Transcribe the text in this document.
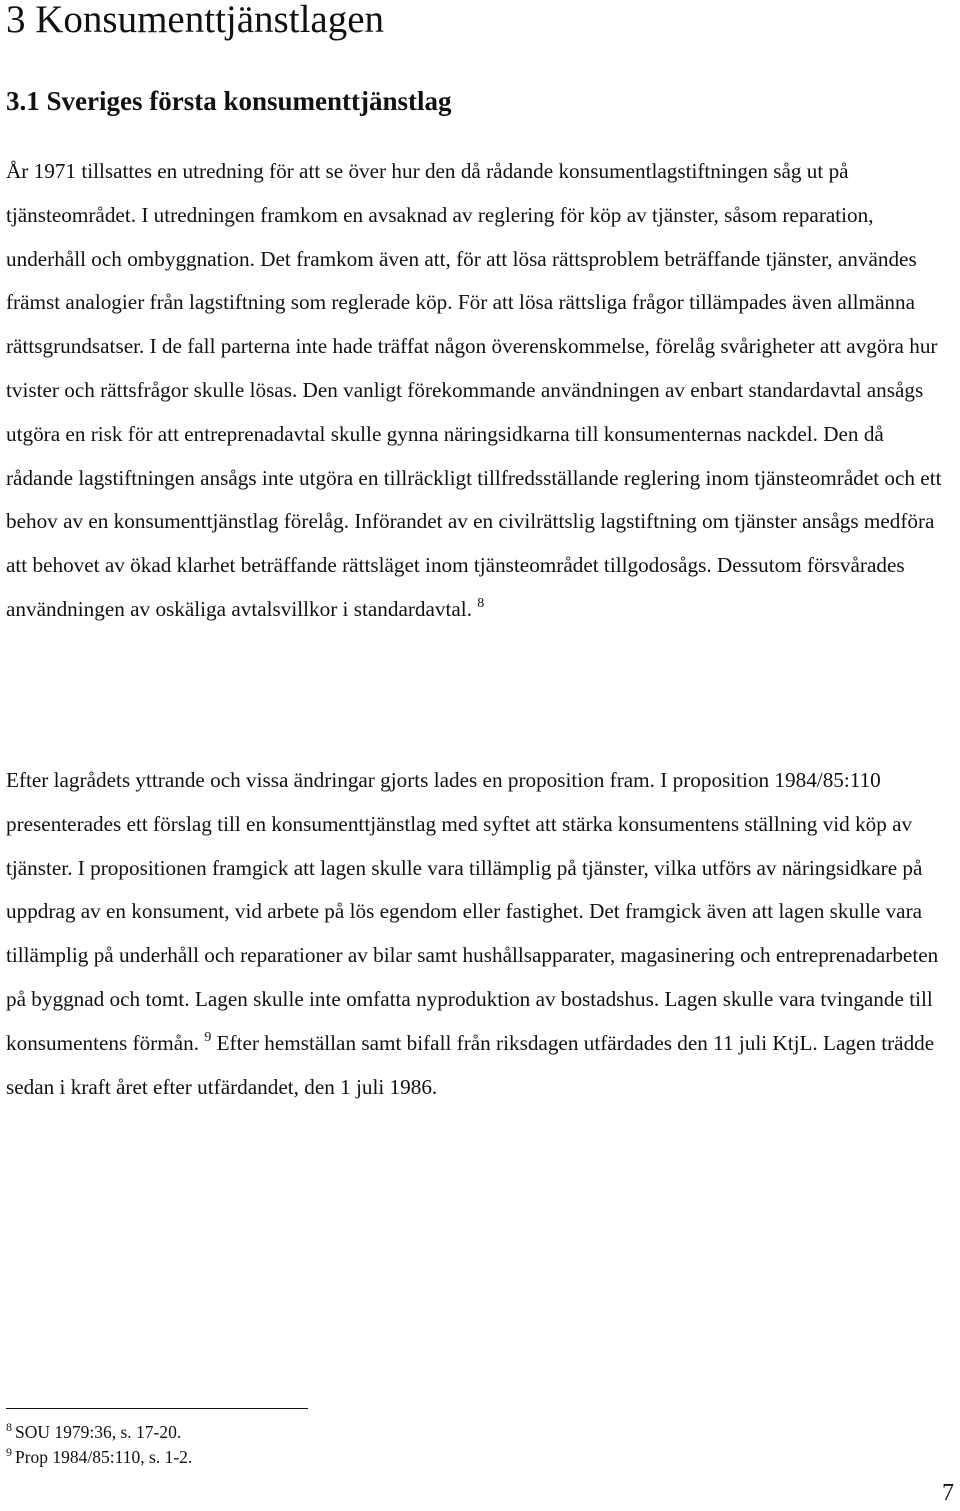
3 Konsumenttjänstlagen
3.1 Sveriges första konsumenttjänstlag

År 1971 tillsattes en utredning för att se över hur den då rådande konsumentlagstiftningen såg ut på tjänsteområdet. I utredningen framkom en avsaknad av reglering för köp av tjänster, såsom reparation, underhåll och ombyggnation. Det framkom även att, för att lösa rättsproblem beträffande tjänster, användes främst analogier från lagstiftning som reglerade köp. För att lösa rättsliga frågor tillämpades även allmänna rättsgrundsatser. I de fall parterna inte hade träffat någon överenskommelse, förelåg svårigheter att avgöra hur tvister och rättsfrågor skulle lösas. Den vanligt förekommande användningen av enbart standardavtal ansågs utgöra en risk för att entreprenadavtal skulle gynna näringsidkarna till konsumenternas nackdel. Den då rådande lagstiftningen ansågs inte utgöra en tillräckligt tillfredsställande reglering inom tjänsteområdet och ett behov av en konsumenttjänstlag förelåg. Införandet av en civilrättslig lagstiftning om tjänster ansågs medföra att behovet av ökad klarhet beträffande rättsläget inom tjänsteområdet tillgodosågs. Dessutom försvårades användningen av oskäliga avtalsvillkor i standardavtal. $^8$

Efter lagrådets yttrande och vissa ändringar gjorts lades en proposition fram. I proposition 1984/85:110 presenterades ett förslag till en konsumenttjänstlag med syftet att stärka konsumentens ställning vid köp av tjänster. I propositionen framgick att lagen skulle vara tillämplig på tjänster, vilka utförs av näringsidkare på uppdrag av en konsument, vid arbete på lös egendom eller fastighet. Det framgick även att lagen skulle vara tillämplig på underhåll och reparationer av bilar samt hushållsapparater, magasinering och entreprenadarbeten på byggnad och tomt. Lagen skulle inte omfatta nyproduktion av bostadshus. Lagen skulle vara tvingande till konsumentens förmån. $^9$ Efter hemställan samt bifall från riksdagen utfärdades den 11 juli KtjL. Lagen trädde sedan i kraft året efter utfärdandet, den 1 juli 1986.

$^8$ SOU 1979:36, s. 17-20.

$^9$ Prop 1984/85:110, s. 1-2.

7
